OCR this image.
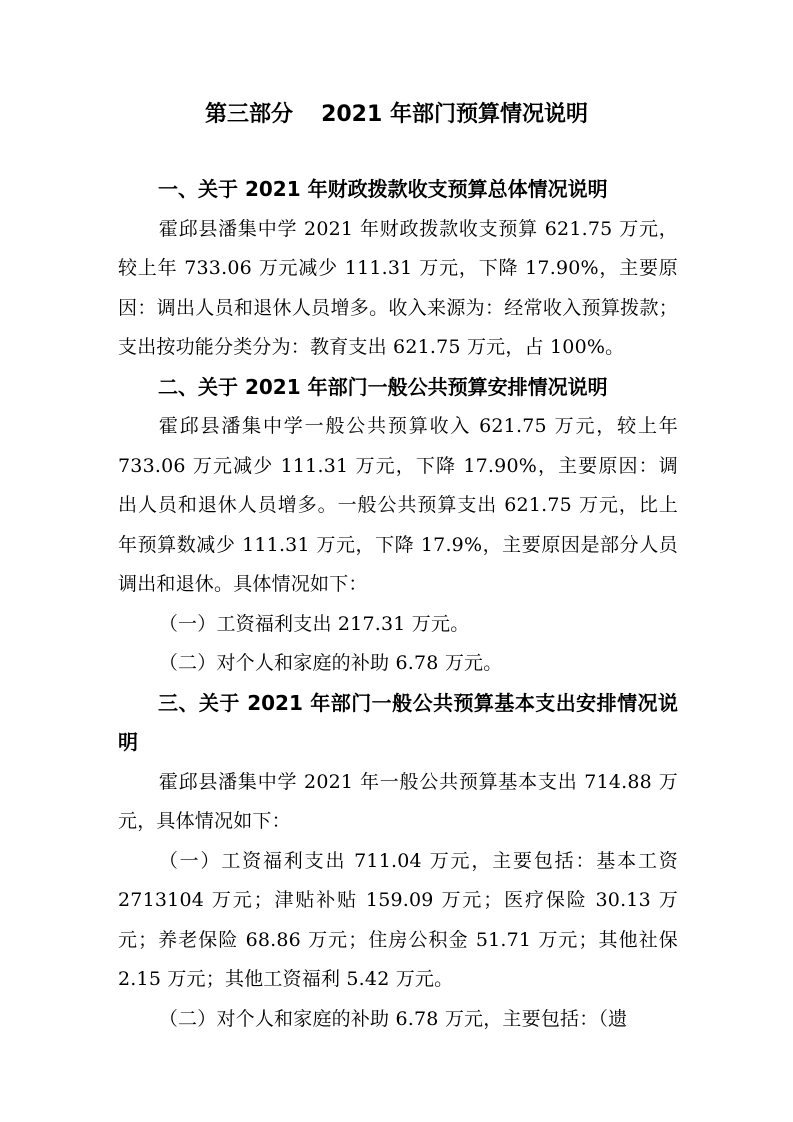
第三部分 2021 年部门预算情况说明

一、关于 2021 年财政拨款收支预算总体情况说明

霍邱县潘集中学 2021 年财政拨款收支预算 621.75 万元，较上年 733.06 万元减少 111.31 万元，下降 17.90%，主要原因：调出人员和退休人员增多。收入来源为：经常收入预算拨款；支出按功能分类分为：教育支出 621.75 万元，占 100%。

二、关于 2021 年部门一般公共预算安排情况说明

霍邱县潘集中学一般公共预算收入 621.75 万元，较上年 733.06 万元减少 111.31 万元，下降 17.90%，主要原因：调出人员和退休人员增多。一般公共预算支出 621.75 万元，比上年预算数减少 111.31 万元，下降 17.9%，主要原因是部分人员调出和退休。具体情况如下：

（一）工资福利支出 217.31 万元。

（二）对个人和家庭的补助 6.78 万元。

三、关于 2021 年部门一般公共预算基本支出安排情况说明

霍邱县潘集中学 2021 年一般公共预算基本支出 714.88 万元，具体情况如下：

（一）工资福利支出 711.04 万元，主要包括：基本工资 2713104 万元；津贴补贴 159.09 万元；医疗保险 30.13 万元；养老保险 68.86 万元；住房公积金 51.71 万元；其他社保 2.15 万元；其他工资福利 5.42 万元。

（二）对个人和家庭的补助 6.78 万元，主要包括：（遗
